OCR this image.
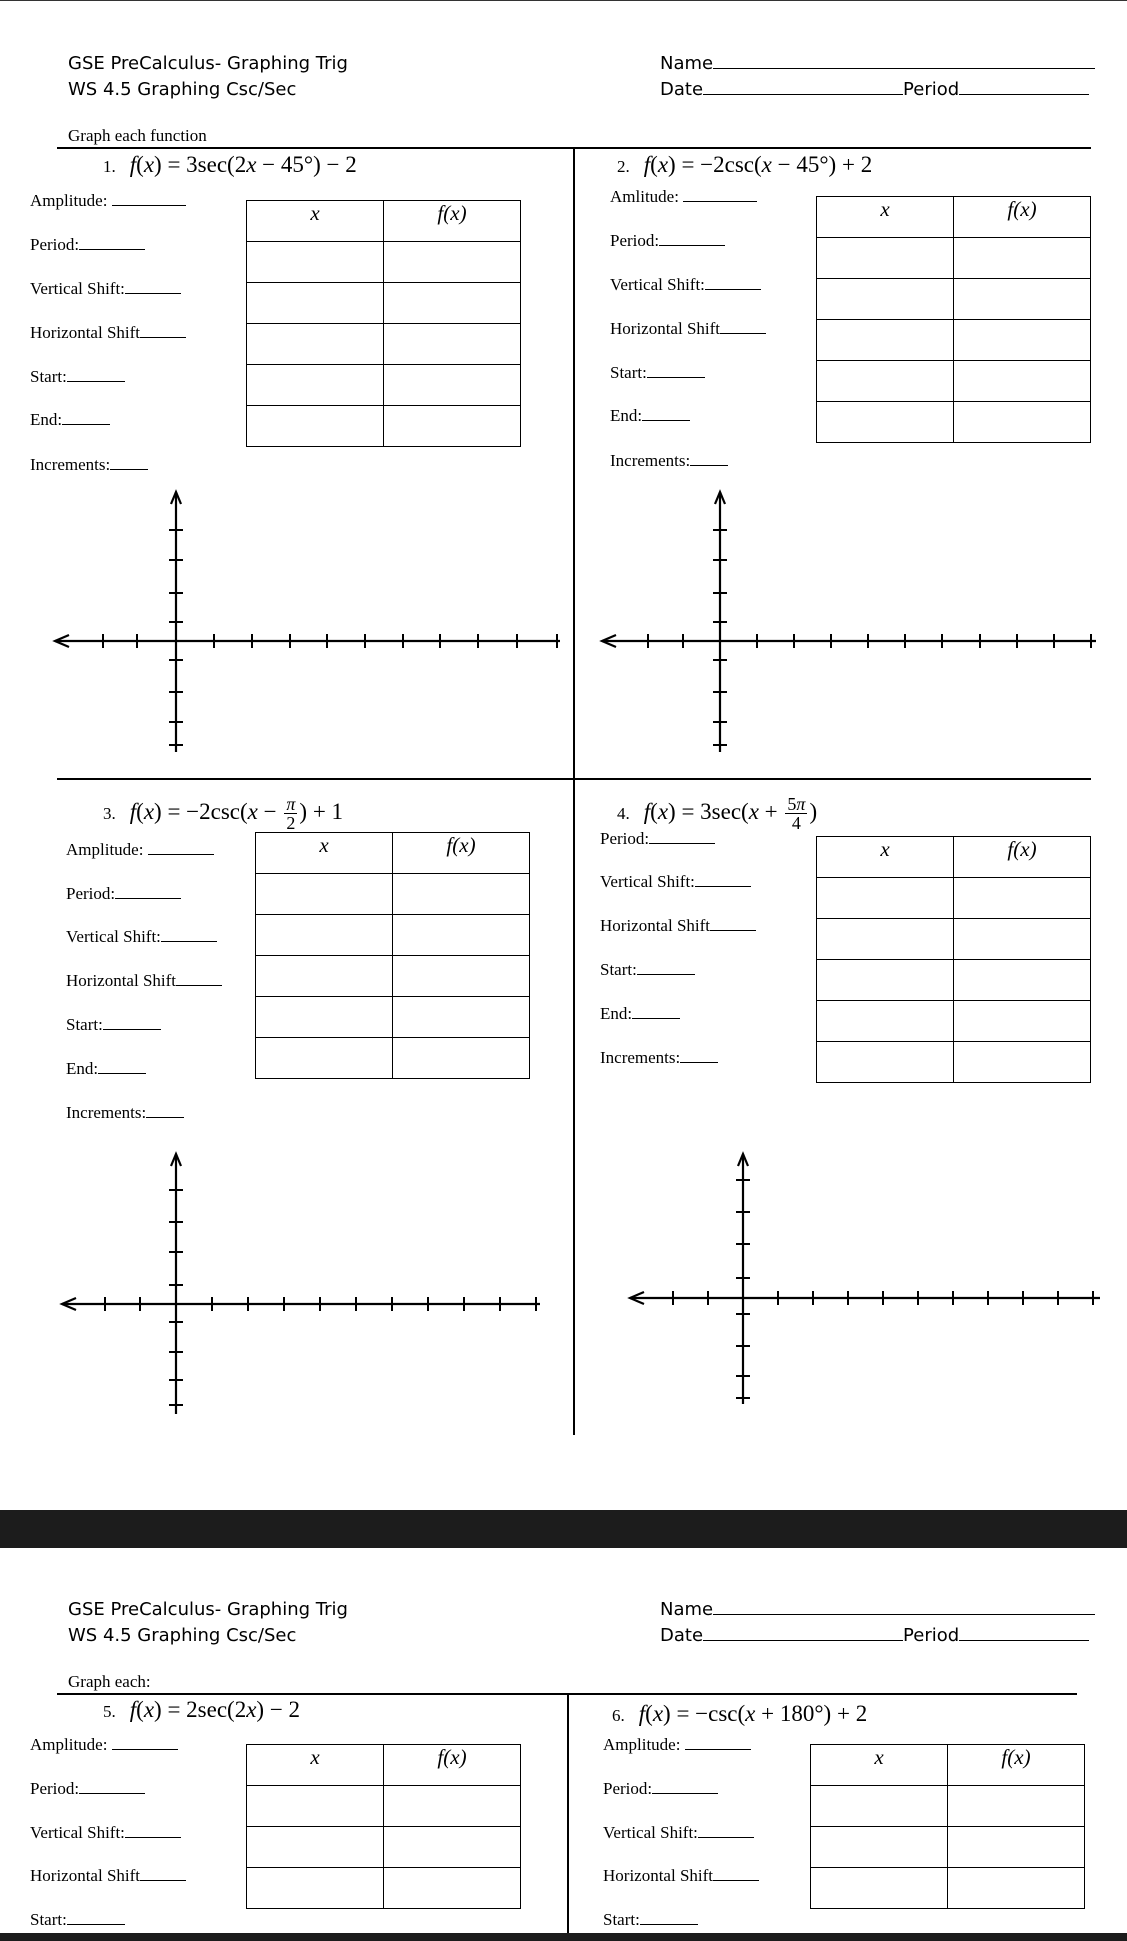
GSE PreCalculus- Graphing Trig
WS 4.5 Graphing Csc/Sec
Name
Date	Period
Graph each function
1. f(x) = 3sec(2x − 45°) − 2
Amplitude:
Period:
Vertical Shift:
Horizontal Shift
Start:
End:
Increments:
x	f(x)

2. f(x) = −2csc(x − 45°) + 2
Amlitude:
Period:
Vertical Shift:
Horizontal Shift
Start:
End:
Increments:
x	f(x)

3. $f(x) = -2\csc(x - \frac{\pi}{2}$ ) + 1
Amplitude:
Period:
Vertical Shift:
Horizontal Shift
Start:
End:
Increments:
x	f(x)

4. $f(x) = 3\sec(x + \frac{5\pi}{4}$ )
Period:
Vertical Shift:
Horizontal Shift
Start:
End:
Increments:
x	f(x)

GSE PreCalculus- Graphing Trig
WS 4.5 Graphing Csc/Sec
Name
Date	Period
Graph each:
5. f(x) = 2sec(2x) − 2
Amplitude:
Period:
Vertical Shift:
Horizontal Shift
Start:
x	f(x)

6. f(x) = −csc(x + 180°) + 2
Amplitude:
Period:
Vertical Shift:
Horizontal Shift
Start:
x	f(x)
